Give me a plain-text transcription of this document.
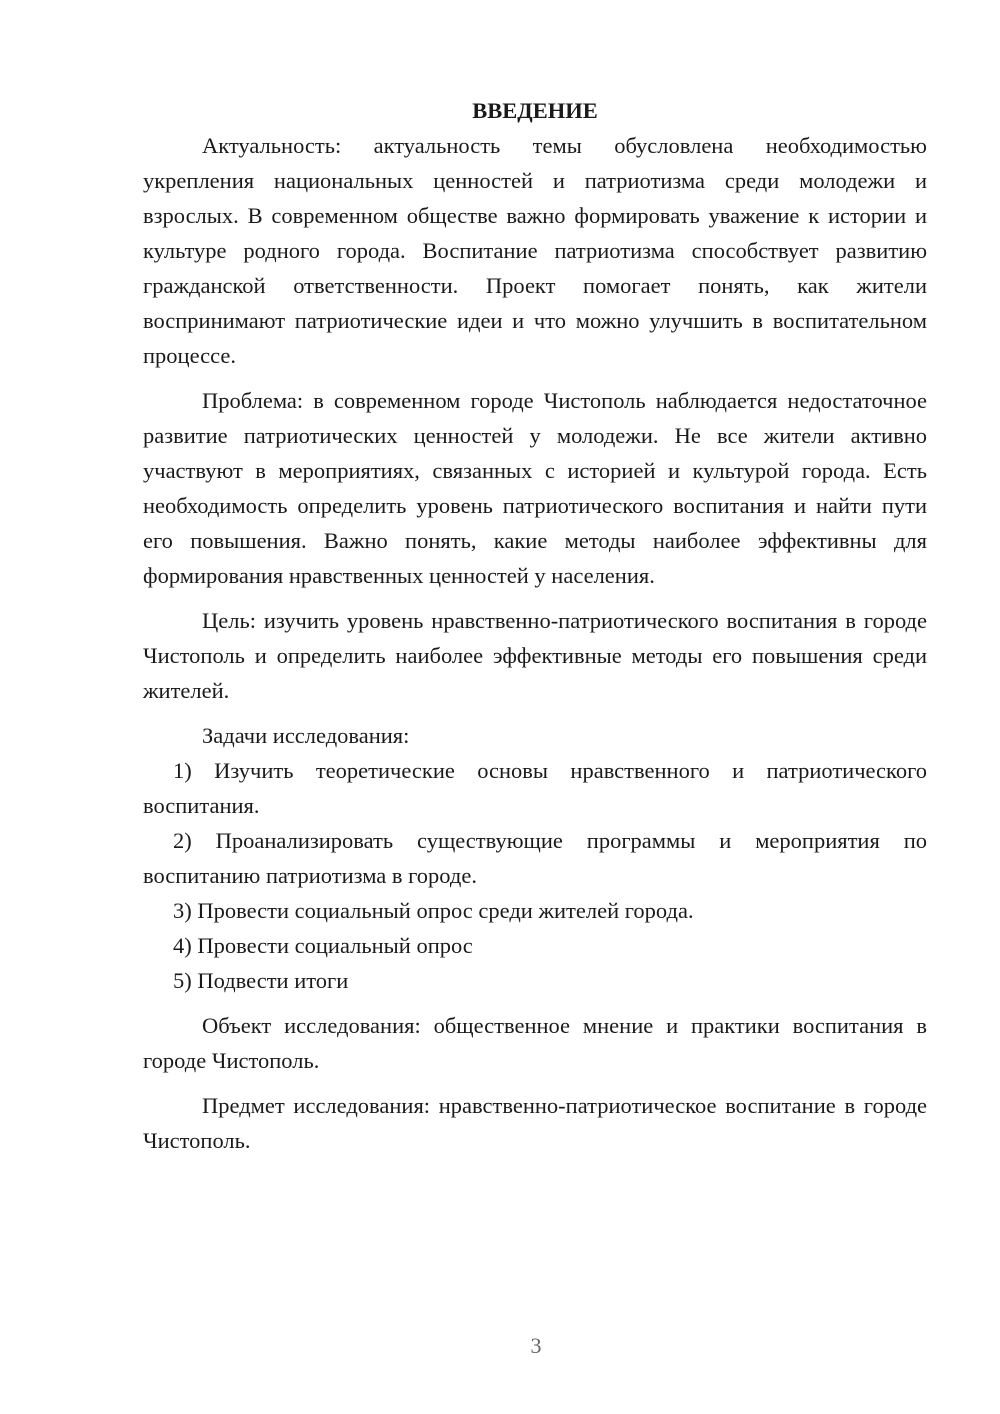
ВВЕДЕНИЕ

Актуальность: актуальность темы обусловлена необходимостью укрепления национальных ценностей и патриотизма среди молодежи и взрослых. В современном обществе важно формировать уважение к истории и культуре родного города. Воспитание патриотизма способствует развитию гражданской ответственности. Проект помогает понять, как жители воспринимают патриотические идеи и что можно улучшить в воспитательном процессе.

Проблема: в современном городе Чистополь наблюдается недостаточное развитие патриотических ценностей у молодежи. Не все жители активно участвуют в мероприятиях, связанных с историей и культурой города. Есть необходимость определить уровень патриотического воспитания и найти пути его повышения. Важно понять, какие методы наиболее эффективны для формирования нравственных ценностей у населения.

Цель: изучить уровень нравственно-патриотического воспитания в городе Чистополь и определить наиболее эффективные методы его повышения среди жителей.

Задачи исследования:

1) Изучить теоретические основы нравственного и патриотического воспитания.

2) Проанализировать существующие программы и мероприятия по воспитанию патриотизма в городе.

3) Провести социальный опрос среди жителей города.

4) Провести социальный опрос

5) Подвести итоги

Объект исследования: общественное мнение и практики воспитания в городе Чистополь.

Предмет исследования: нравственно-патриотическое воспитание в городе Чистополь.

3
